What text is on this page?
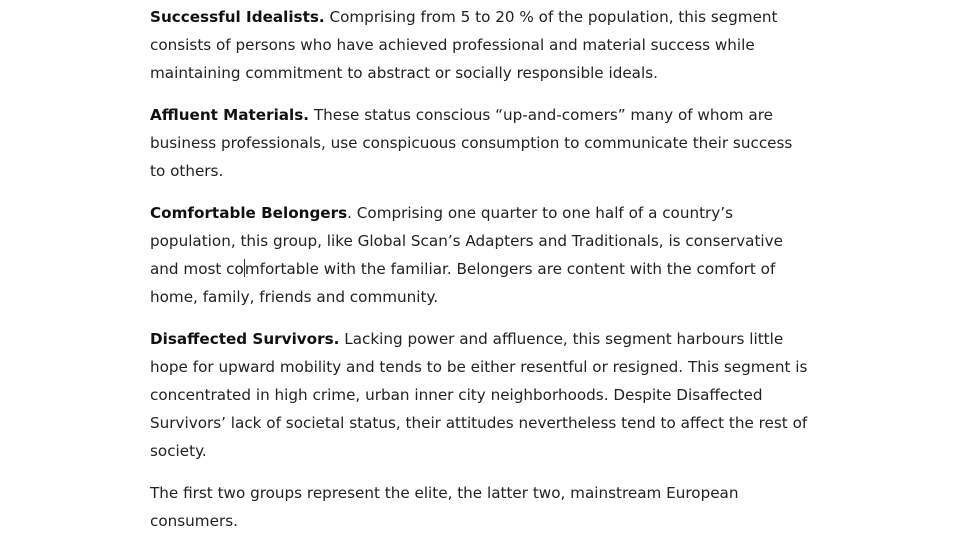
Successful Idealists. Comprising from 5 to 20 % of the population, this segment consists of persons who have achieved professional and material success while maintaining commitment to abstract or socially responsible ideals.

Affluent Materials. These status conscious “up-and-comers” many of whom are business professionals, use conspicuous consumption to communicate their success to others.

Comfortable Belongers. Comprising one quarter to one half of a country’s population, this group, like Global Scan’s Adapters and Traditionals, is conservative and most comfortable with the familiar. Belongers are content with the comfort of home, family, friends and community.

Disaffected Survivors. Lacking power and affluence, this segment harbours little hope for upward mobility and tends to be either resentful or resigned. This segment is concentrated in high crime, urban inner city neighborhoods. Despite Disaffected Survivors’ lack of societal status, their attitudes nevertheless tend to affect the rest of society.

The first two groups represent the elite, the latter two, mainstream European consumers.
